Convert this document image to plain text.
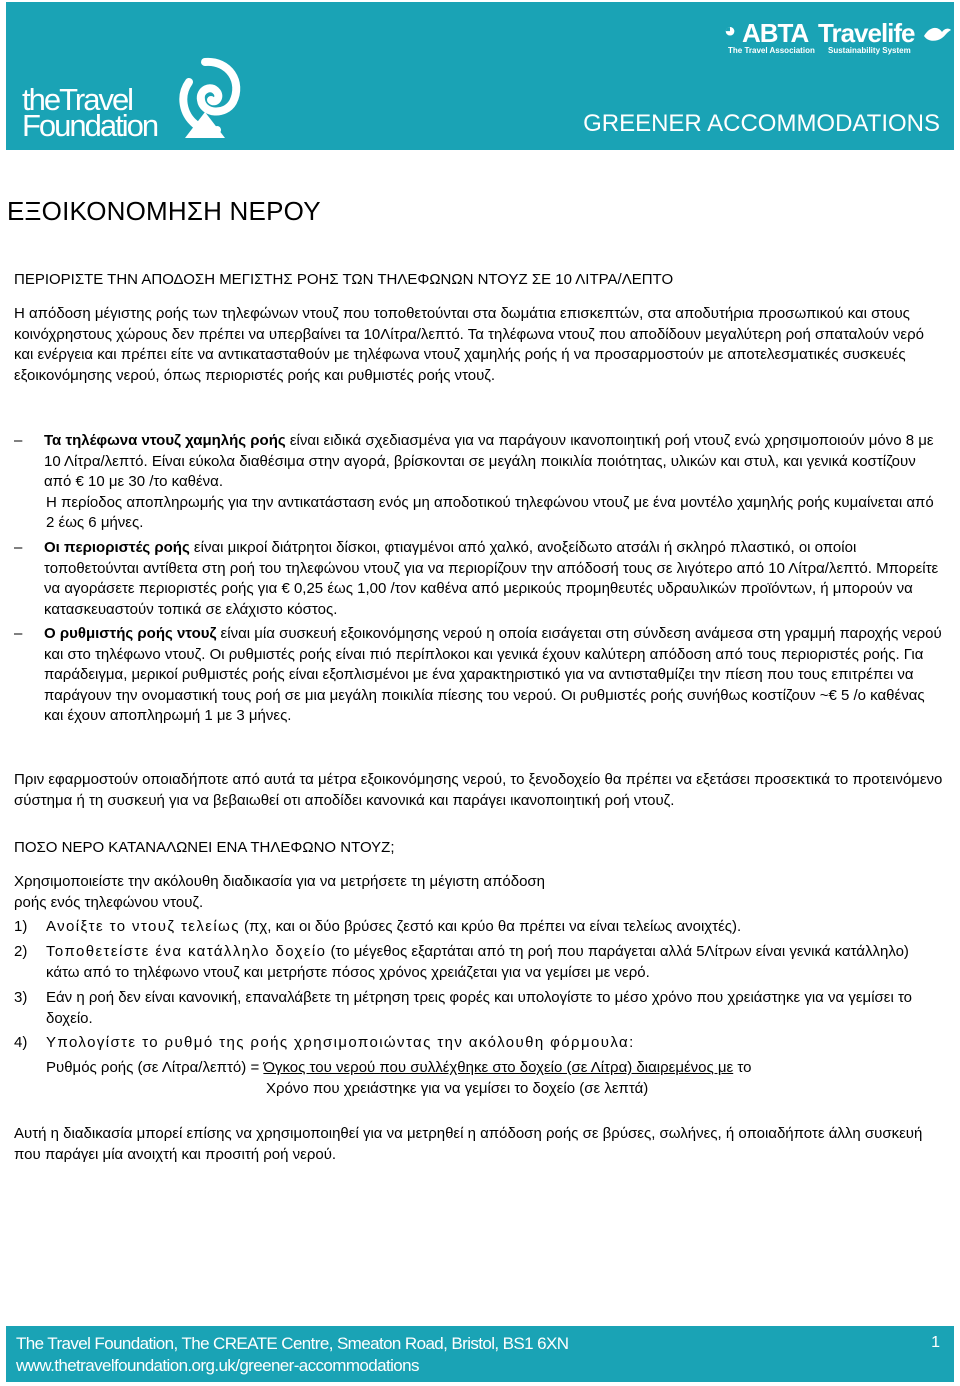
theTravel
Foundation
◕ ABTA
The Travel Association
Travelife
Sustainability System
GREENER ACCOMMODATIONS
ΕΞΟΙΚΟΝΟΜΗΣΗ ΝΕΡΟΥ
ΠΕΡΙΟΡΙΣΤΕ ΤΗΝ ΑΠΟΔΟΣΗ ΜΕΓΙΣΤΗΣ ΡΟΗΣ ΤΩΝ ΤΗΛΕΦΩΝΩΝ ΝΤΟΥΖ ΣΕ 10 ΛΙΤΡΑ/ΛΕΠΤΟ

Η απόδοση μέγιστης ροής των τηλεφώνων ντουζ που τοποθετούνται στα δωμάτια επισκεπτών, στα αποδυτήρια προσωπικού και στους κοινόχρηστους χώρους δεν πρέπει να υπερβαίνει τα 10Λίτρα/λεπτό. Τα τηλέφωνα ντουζ που αποδίδουν μεγαλύτερη ροή σπαταλούν νερό και ενέργεια και πρέπει είτε να αντικατασταθούν με τηλέφωνα ντουζ χαμηλής ροής ή να προσαρμοστούν με αποτελεσματικές συσκευές εξοικονόμησης νερού, όπως περιοριστές ροής και ρυθμιστές ροής ντουζ.

– Τα τηλέφωνα ντουζ χαμηλής ροής είναι ειδικά σχεδιασμένα για να παράγουν ικανοποιητική ροή ντουζ ενώ χρησιμοποιούν μόνο 8 με 10 Λίτρα/λεπτό. Είναι εύκολα διαθέσιμα στην αγορά, βρίσκονται σε μεγάλη ποικιλία ποιότητας, υλικών και στυλ, και γενικά κοστίζουν από € 10 με 30 /το καθένα.
Η περίοδος αποπληρωμής για την αντικατάσταση ενός μη αποδοτικού τηλεφώνου ντουζ με ένα μοντέλο χαμηλής ροής κυμαίνεται από 2 έως 6 μήνες.
– Οι περιοριστές ροής είναι μικροί διάτρητοι δίσκοι, φτιαγμένοι από χαλκό, ανοξείδωτο ατσάλι ή σκληρό πλαστικό, οι οποίοι τοποθετούνται αντίθετα στη ροή του τηλεφώνου ντουζ για να περιορίζουν την απόδοσή τους σε λιγότερο από 10 Λίτρα/λεπτό. Μπορείτε να αγοράσετε περιοριστές ροής για € 0,25 έως 1,00 /τον καθένα από μερικούς προμηθευτές υδραυλικών προϊόντων, ή μπορούν να κατασκευαστούν τοπικά σε ελάχιστο κόστος.
– Ο ρυθμιστής ροής ντουζ είναι μία συσκευή εξοικονόμησης νερού η οποία εισάγεται στη σύνδεση ανάμεσα στη γραμμή παροχής νερού και στο τηλέφωνο ντουζ. Οι ρυθμιστές ροής είναι πιό περίπλοκοι και γενικά έχουν καλύτερη απόδοση από τους περιοριστές ροής. Για παράδειγμα, μερικοί ρυθμιστές ροής είναι εξοπλισμένοι με ένα χαρακτηριστικό για να αντισταθμίζει την πίεση που τους επιτρέπει να παράγουν την ονομαστική τους ροή σε μια μεγάλη ποικιλία πίεσης του νερού. Οι ρυθμιστές ροής συνήθως κοστίζουν ~€ 5 /ο καθένας και έχουν αποπληρωμή 1 με 3 μήνες.

Πριν εφαρμοστούν οποιαδήποτε από αυτά τα μέτρα εξοικονόμησης νερού, το ξενοδοχείο θα πρέπει να εξετάσει προσεκτικά το προτεινόμενο σύστημα ή τη συσκευή για να βεβαιωθεί οτι αποδίδει κανονικά και παράγει ικανοποιητική ροή ντουζ.

ΠΟΣΟ ΝΕΡΟ ΚΑΤΑΝΑΛΩΝΕΙ ΕΝΑ ΤΗΛΕΦΩΝΟ ΝΤΟΥΖ;

Χρησιμοποιείστε την ακόλουθη διαδικασία για να μετρήσετε τη μέγιστη απόδοση
ροής ενός τηλεφώνου ντουζ.

1) Ανοίξτε το ντουζ τελείως (πχ, και οι δύο βρύσες ζεστό και κρύο θα πρέπει να είναι τελείως ανοιχτές).
2) Τοποθετείστε ένα κατάλληλο δοχείο (το μέγεθος εξαρτάται από τη ροή που παράγεται αλλά 5Λίτρων είναι γενικά κατάλληλο) κάτω από το τηλέφωνο ντουζ και μετρήστε πόσος χρόνος χρειάζεται για να γεμίσει με νερό.
3) Εάν η ροή δεν είναι κανονική, επαναλάβετε τη μέτρηση τρεις φορές και υπολογίστε το μέσο χρόνο που χρειάστηκε για να γεμίσει το δοχείο.
4) Υπολογίστε το ρυθμό της ροής χρησιμοποιώντας την ακόλουθη φόρμουλα:
Ρυθμός ροής (σε Λίτρα/λεπτό) = Όγκος του νερού που συλλέχθηκε στο δοχείο (σε Λίτρα) διαιρεμένος με το
Χρόνο που χρειάστηκε για να γεμίσει το δοχείο (σε λεπτά)

Αυτή η διαδικασία μπορεί επίσης να χρησιμοποιηθεί για να μετρηθεί η απόδοση ροής σε βρύσες, σωλήνες, ή οποιαδήποτε άλλη συσκευή που παράγει μία ανοιχτή και προσιτή ροή νερού.

The Travel Foundation, The CREATE Centre, Smeaton Road, Bristol, BS1 6XN
www.thetravelfoundation.org.uk/greener-accommodations
1
